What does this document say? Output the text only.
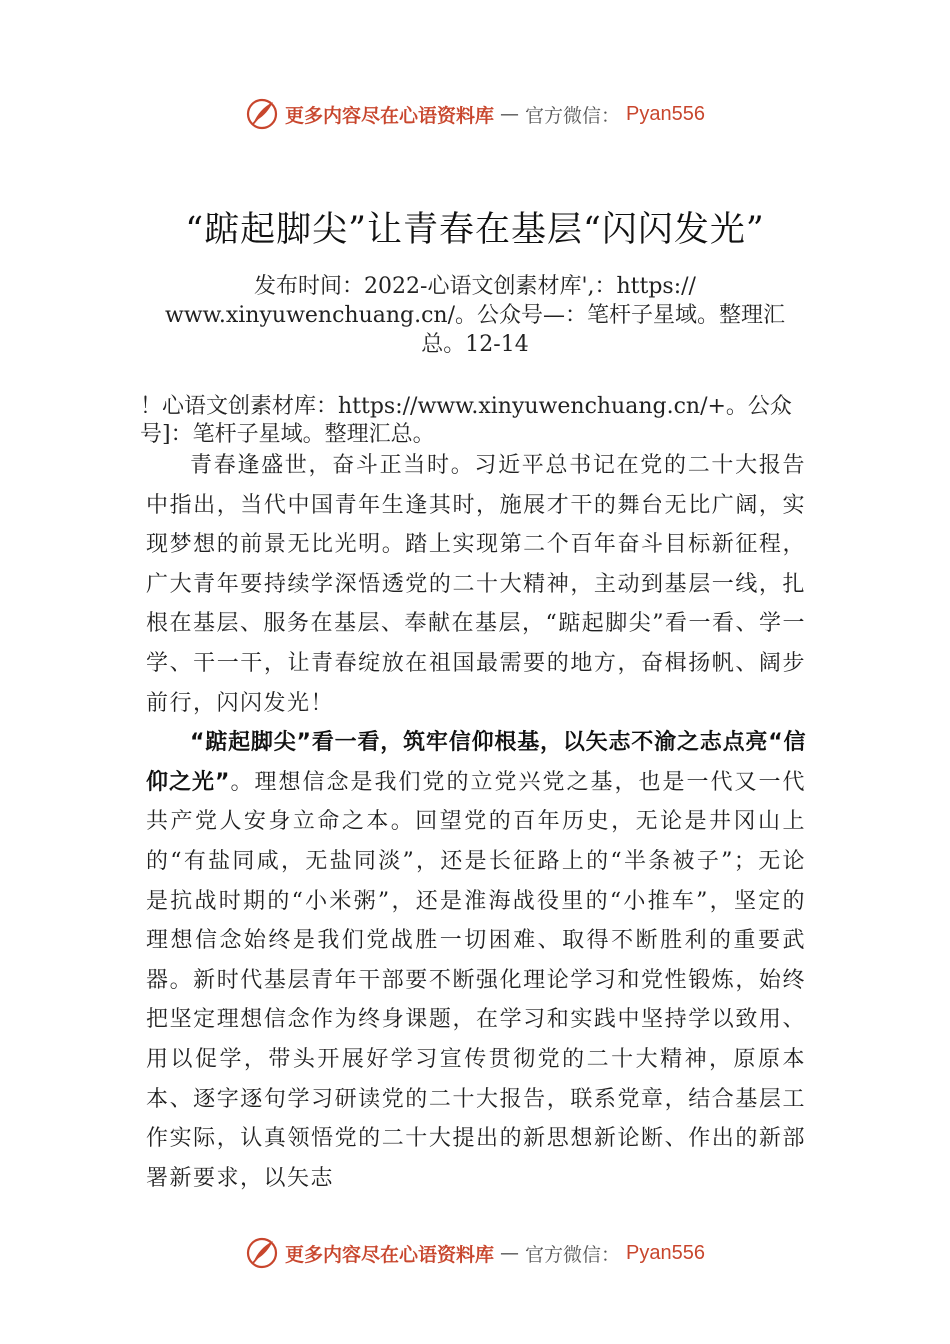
更多内容尽在心语资料库 — 官方微信： Pyan556
“踮起脚尖”让青春在基层“闪闪发光”
发布时间：2022-心语文创素材库',：https:// www.xinyuwenchuang.cn/。公众号—：笔杆子星域。整理汇总。12-14
！心语文创素材库：https://www.xinyuwenchuang.cn/+。公众号]：笔杆子星域。整理汇总。

青春逢盛世，奋斗正当时。习近平总书记在党的二十大报告中指出，当代中国青年生逢其时，施展才干的舞台无比广阔，实现梦想的前景无比光明。踏上实现第二个百年奋斗目标新征程，广大青年要持续学深悟透党的二十大精神，主动到基层一线，扎根在基层、服务在基层、奉献在基层，“踮起脚尖”看一看、学一学、干一干，让青春绽放在祖国最需要的地方，奋楫扬帆、阔步前行，闪闪发光！

“踮起脚尖”看一看，筑牢信仰根基，以矢志不渝之志点亮“信仰之光”。理想信念是我们党的立党兴党之基，也是一代又一代共产党人安身立命之本。回望党的百年历史，无论是井冈山上的“有盐同咸，无盐同淡”，还是长征路上的“半条被子”；无论是抗战时期的“小米粥”，还是淮海战役里的“小推车”，坚定的理想信念始终是我们党战胜一切困难、取得不断胜利的重要武器。新时代基层青年干部要不断强化理论学习和党性锻炼，始终把坚定理想信念作为终身课题，在学习和实践中坚持学以致用、用以促学，带头开展好学习宣传贯彻党的二十大精神，原原本本、逐字逐句学习研读党的二十大报告，联系党章，结合基层工作实际，认真领悟党的二十大提出的新思想新论断、作出的新部署新要求，以矢志

更多内容尽在心语资料库 — 官方微信： Pyan556
